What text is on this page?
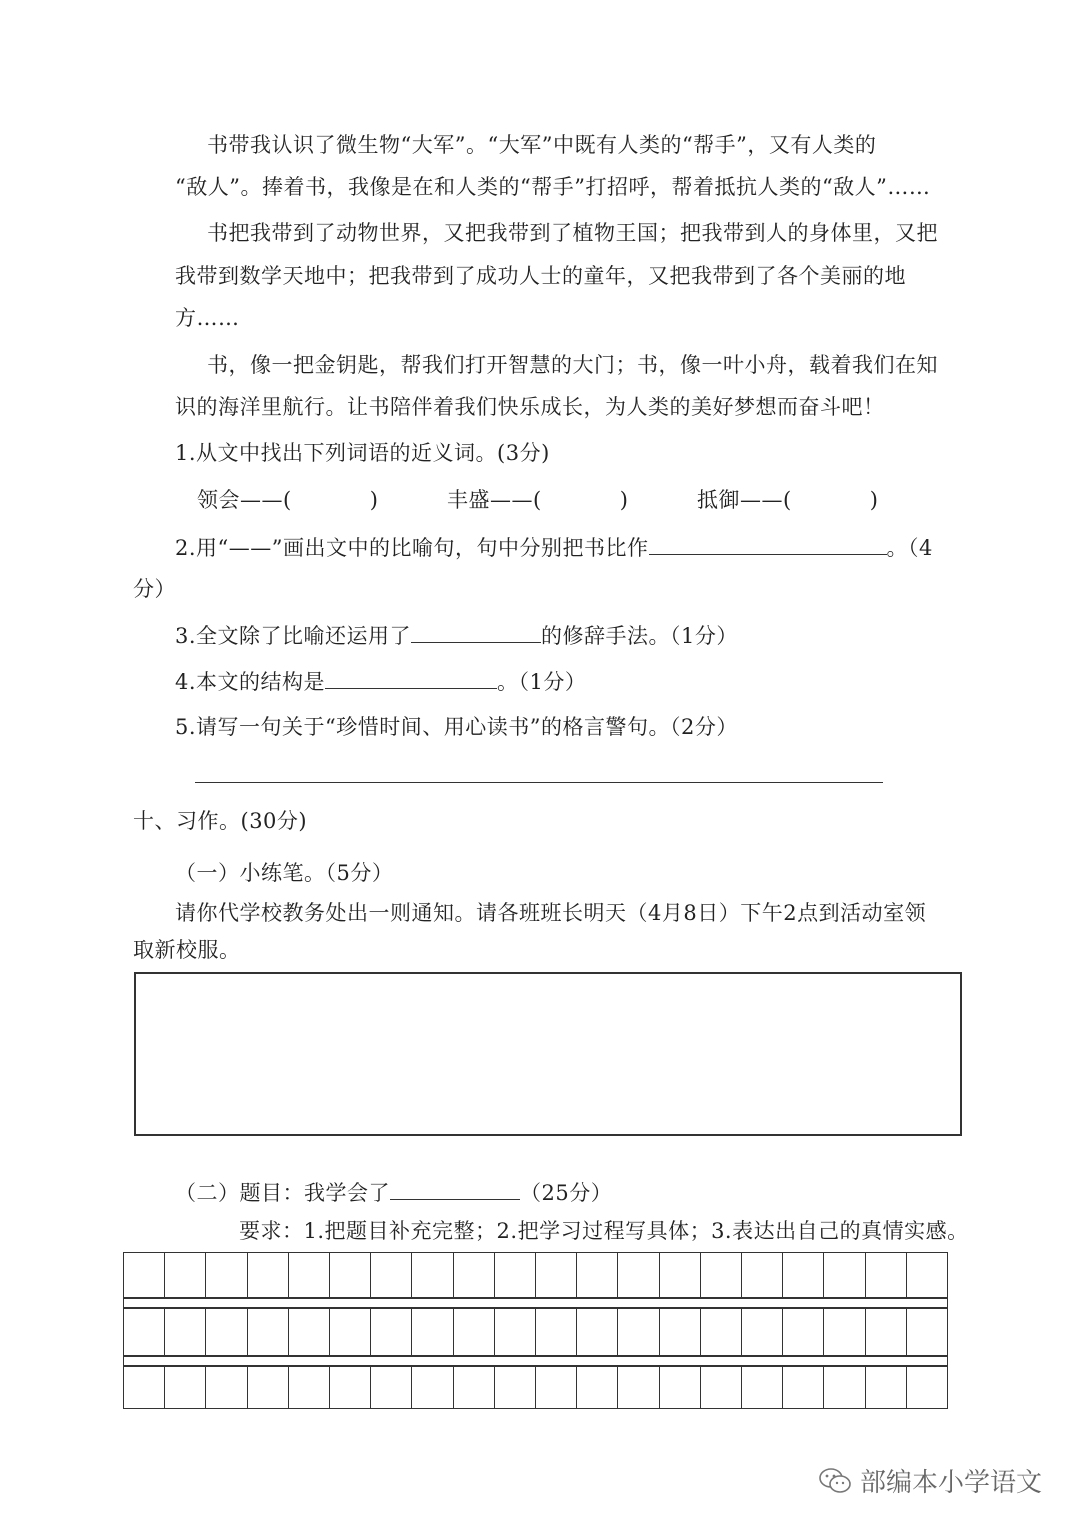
书带我认识了微生物“大军”。“大军”中既有人类的“帮手”，又有人类的
“敌人”。捧着书，我像是在和人类的“帮手”打招呼，帮着抵抗人类的“敌人”……
书把我带到了动物世界，又把我带到了植物王国；把我带到人的身体里，又把
我带到数学天地中；把我带到了成功人士的童年，又把我带到了各个美丽的地
方……
书，像一把金钥匙，帮我们打开智慧的大门；书，像一叶小舟，载着我们在知
识的海洋里航行。让书陪伴着我们快乐成长，为人类的美好梦想而奋斗吧！
1.从文中找出下列词语的近义词。(3分)
领会——(	)	丰盛——(	)	抵御——(	)
2.用“——”画出文中的比喻句，句中分别把书比作	。（4
分）
3.全文除了比喻还运用了	的修辞手法。（1分）
4.本文的结构是	。（1分）
5.请写一句关于“珍惜时间、用心读书”的格言警句。（2分）
十、习作。(30分)
（一）小练笔。（5分）
请你代学校教务处出一则通知。请各班班长明天（4月8日）下午2点到活动室领
取新校服。
（二）题目：我学会了	（25分）
要求：1.把题目补充完整；2.把学习过程写具体；3.表达出自己的真情实感。
部编本小学语文
